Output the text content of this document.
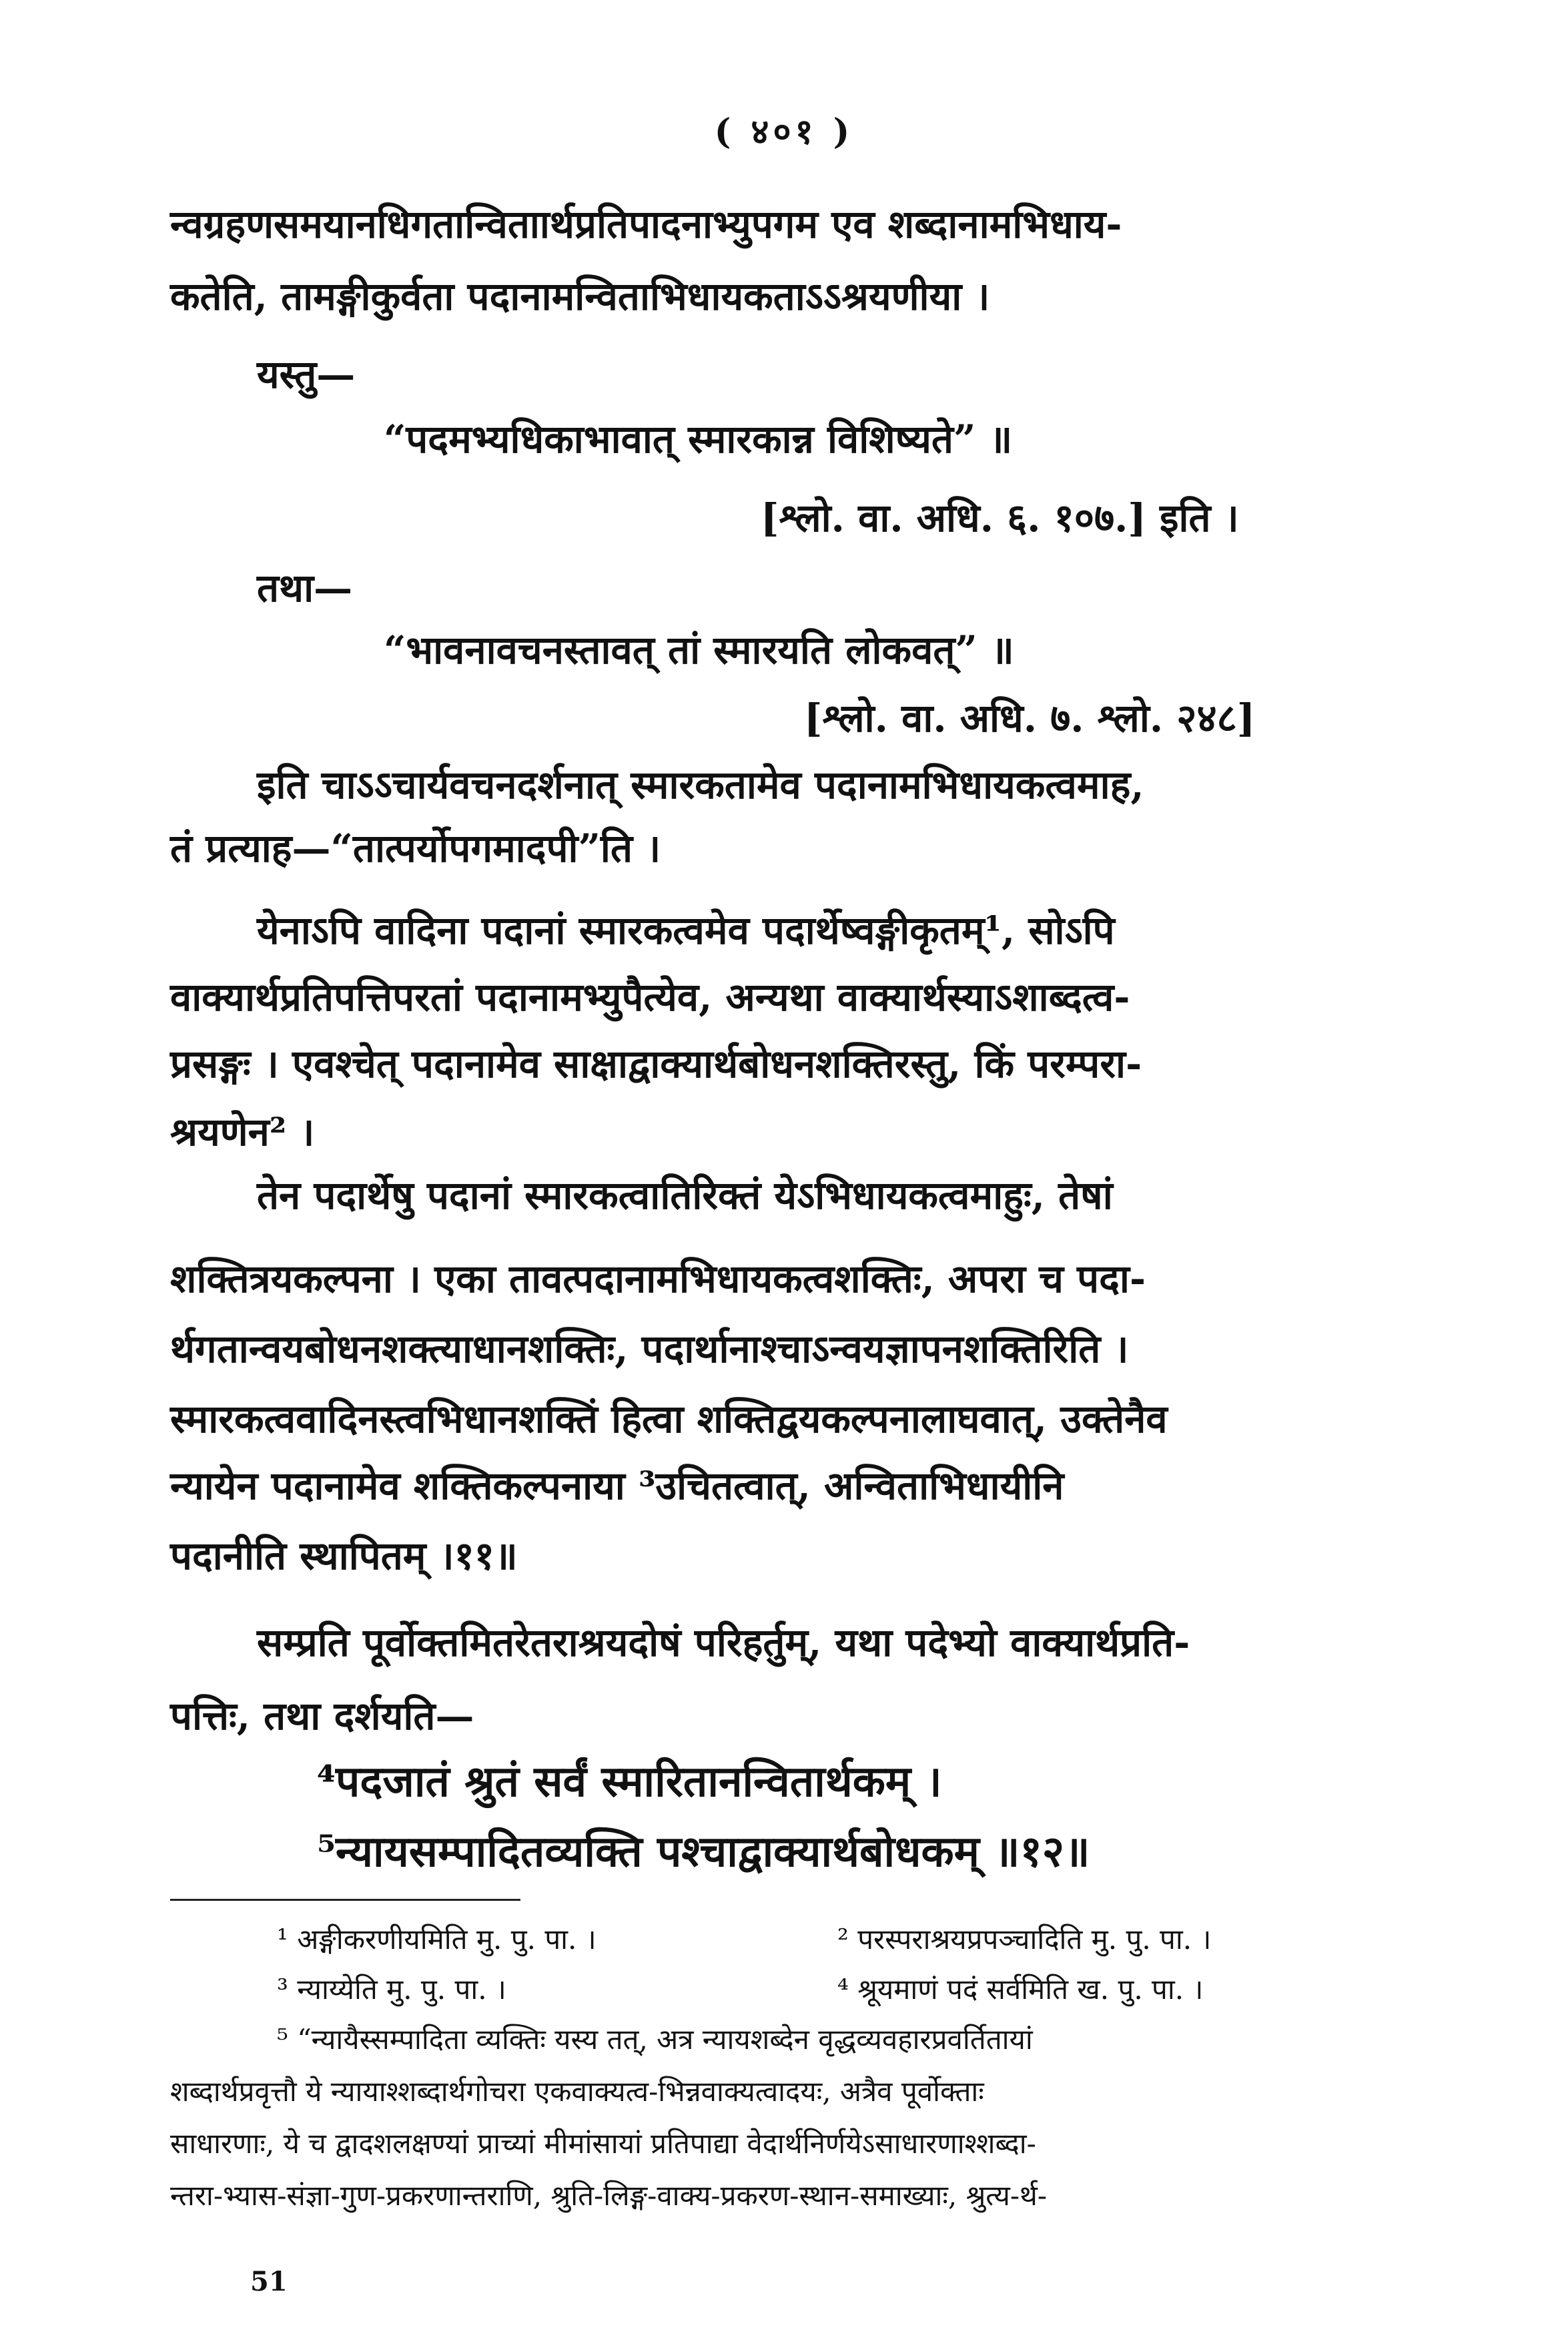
( ४०१ )
न्वग्रहणसमयानधिगतान्विताार्थप्रतिपादनाभ्युपगम एव शब्दानामभिधाय-
कतेति, तामङ्गीकुर्वता पदानामन्विताभिधायकताऽऽश्रयणीया ।
यस्तु—
“पदमभ्यधिकाभावात् स्मारकान्न विशिष्यते” ॥
[श्लो. वा. अधि. ६. १०७.] इति ।
तथा—
“भावनावचनस्तावत् तां स्मारयति लोकवत्” ॥
[श्लो. वा. अधि. ७. श्लो. २४८]
इति चाऽऽचार्यवचनदर्शनात् स्मारकतामेव पदानामभिधायकत्वमाह,
तं प्रत्याह—“तात्पर्योपगमादपी”ति ।
येनाऽपि वादिना पदानां स्मारकत्वमेव पदार्थेष्वङ्गीकृतम्¹, सोऽपि
वाक्यार्थप्रतिपत्तिपरतां पदानामभ्युपैत्येव, अन्यथा वाक्यार्थस्याऽशाब्दत्व-
प्रसङ्गः । एवश्चेत् पदानामेव साक्षाद्वाक्यार्थबोधनशक्तिरस्तु, किं परम्परा-
श्रयणेन² ।
तेन पदार्थेषु पदानां स्मारकत्वातिरिक्तं येऽभिधायकत्वमाहुः, तेषां
शक्तित्रयकल्पना । एका तावत्पदानामभिधायकत्वशक्तिः, अपरा च पदा-
र्थगतान्वयबोधनशक्त्याधानशक्तिः, पदार्थानाश्चाऽन्वयज्ञापनशक्तिरिति ।
स्मारकत्ववादिनस्त्वभिधानशक्तिं हित्वा शक्तिद्वयकल्पनालाघवात्, उक्तेनैव
न्यायेन पदानामेव शक्तिकल्पनाया ³उचितत्वात्, अन्विताभिधायीनि
पदानीति स्थापितम् ।११॥
सम्प्रति पूर्वोक्तमितरेतराश्रयदोषं परिहर्तुम्, यथा पदेभ्यो वाक्यार्थप्रति-
पत्तिः, तथा दर्शयति—
⁴पदजातं श्रुतं सर्वं स्मारितानन्वितार्थकम् ।
⁵न्यायसम्पादितव्यक्ति पश्चाद्वाक्यार्थबोधकम् ॥१२॥
¹ अङ्गीकरणीयमिति मु. पु. पा. ।	² परस्पराश्रयप्रपञ्चादिति मु. पु. पा. ।
³ न्याय्येति मु. पु. पा. ।	⁴ श्रूयमाणं पदं सर्वमिति ख. पु. पा. ।
⁵ “न्यायैस्सम्पादिता व्यक्तिः यस्य तत्, अत्र न्यायशब्देन वृद्धव्यवहारप्रवर्तितायां
शब्दार्थप्रवृत्तौ ये न्यायाश्शब्दार्थगोचरा एकवाक्यत्व-भिन्नवाक्यत्वादयः, अत्रैव पूर्वोक्ताः
साधारणाः, ये च द्वादशलक्षण्यां प्राच्यां मीमांसायां प्रतिपाद्या वेदार्थनिर्णयेऽसाधारणाश्शब्दा-
न्तरा-भ्यास-संज्ञा-गुण-प्रकरणान्तराणि, श्रुति-लिङ्ग-वाक्य-प्रकरण-स्थान-समाख्याः, श्रुत्य-र्थ-
51
